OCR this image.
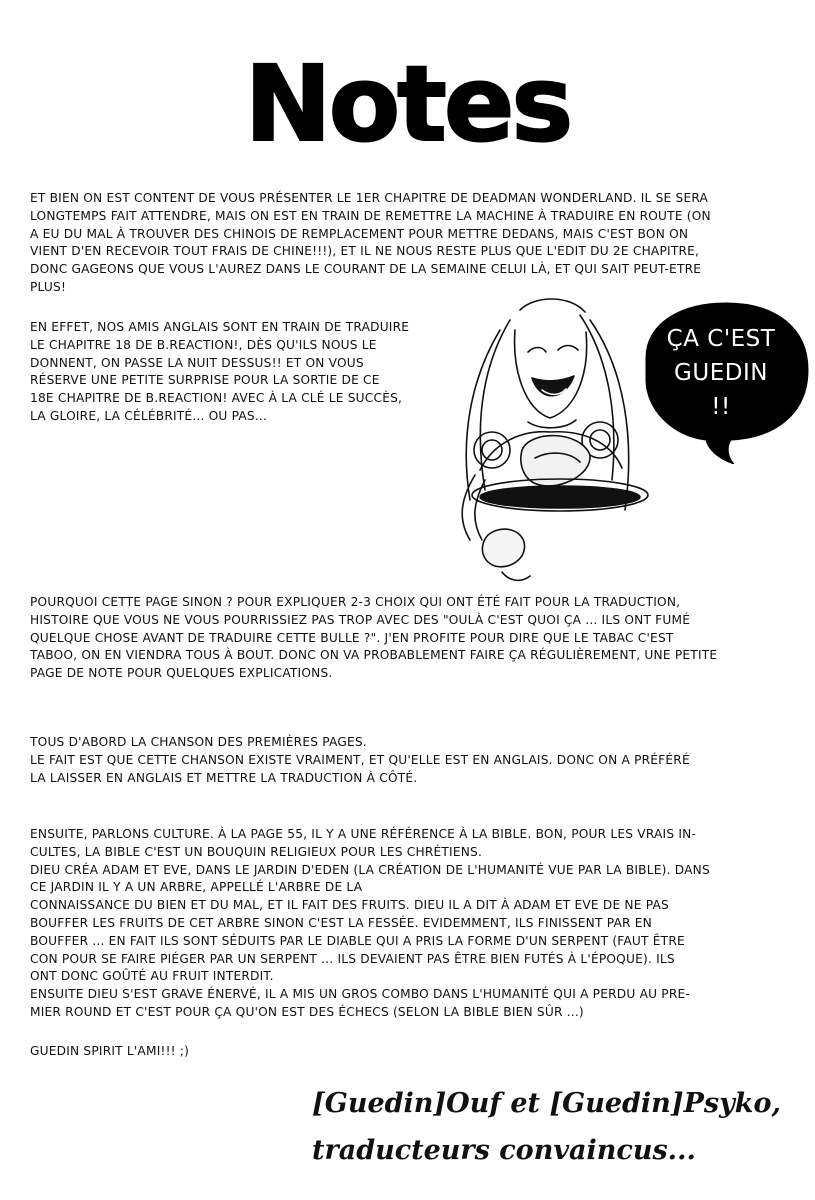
Notes
ET BIEN ON EST CONTENT DE VOUS PRÉSENTER LE 1ER CHAPITRE DE DEADMAN WONDERLAND. IL SE SERA
LONGTEMPS FAIT ATTENDRE, MAIS ON EST EN TRAIN DE REMETTRE LA MACHINE À TRADUIRE EN ROUTE (ON
A EU DU MAL À TROUVER DES CHINOIS DE REMPLACEMENT POUR METTRE DEDANS, MAIS C'EST BON ON
VIENT D'EN RECEVOIR TOUT FRAIS DE CHINE!!!), ET IL NE NOUS RESTE PLUS QUE L'EDIT DU 2E CHAPITRE,
DONC GAGEONS QUE VOUS L'AUREZ DANS LE COURANT DE LA SEMAINE CELUI LÀ, ET QUI SAIT PEUT-ETRE
PLUS!
EN EFFET, NOS AMIS ANGLAIS SONT EN TRAIN DE TRADUIRE
LE CHAPITRE 18 DE B.REACTION!, DÈS QU'ILS NOUS LE
DONNENT, ON PASSE LA NUIT DESSUS!! ET ON VOUS
RÉSERVE UNE PETITE SURPRISE POUR LA SORTIE DE CE
18E CHAPITRE DE B.REACTION! AVEC À LA CLÉ LE SUCCÈS,
LA GLOIRE, LA CÉLÉBRITÉ... OU PAS...
ÇA C'EST
GUEDIN
!!
POURQUOI CETTE PAGE SINON ? POUR EXPLIQUER 2-3 CHOIX QUI ONT ÉTÉ FAIT POUR LA TRADUCTION,
HISTOIRE QUE VOUS NE VOUS POURRISSIEZ PAS TROP AVEC DES "OULÀ C'EST QUOI ÇA ... ILS ONT FUMÉ
QUELQUE CHOSE AVANT DE TRADUIRE CETTE BULLE ?". J'EN PROFITE POUR DIRE QUE LE TABAC C'EST
TABOO, ON EN VIENDRA TOUS À BOUT. DONC ON VA PROBABLEMENT FAIRE ÇA RÉGULIÈREMENT, UNE PETITE
PAGE DE NOTE POUR QUELQUES EXPLICATIONS.
TOUS D'ABORD LA CHANSON DES PREMIÈRES PAGES.
LE FAIT EST QUE CETTE CHANSON EXISTE VRAIMENT, ET QU'ELLE EST EN ANGLAIS. DONC ON A PRÉFÉRÉ
LA LAISSER EN ANGLAIS ET METTRE LA TRADUCTION À CÔTÉ.
ENSUITE, PARLONS CULTURE. À LA PAGE 55, IL Y A UNE RÉFÉRENCE À LA BIBLE. BON, POUR LES VRAIS IN-
CULTES, LA BIBLE C'EST UN BOUQUIN RELIGIEUX POUR LES CHRÉTIENS.
DIEU CRÉA ADAM ET EVE, DANS LE JARDIN D'EDEN (LA CRÉATION DE L'HUMANITÉ VUE PAR LA BIBLE). DANS
CE JARDIN IL Y A UN ARBRE, APPELLÉ L'ARBRE DE LA
CONNAISSANCE DU BIEN ET DU MAL, ET IL FAIT DES FRUITS. DIEU IL A DIT À ADAM ET EVE DE NE PAS
BOUFFER LES FRUITS DE CET ARBRE SINON C'EST LA FESSÉE. EVIDEMMENT, ILS FINISSENT PAR EN
BOUFFER ... EN FAIT ILS SONT SÉDUITS PAR LE DIABLE QUI A PRIS LA FORME D'UN SERPENT (FAUT ÊTRE
CON POUR SE FAIRE PIÉGER PAR UN SERPENT ... ILS DEVAIENT PAS ÊTRE BIEN FUTÉS À L'ÉPOQUE). ILS
ONT DONC GOÛTÉ AU FRUIT INTERDIT.
ENSUITE DIEU S'EST GRAVE ÉNERVÉ, IL A MIS UN GROS COMBO DANS L'HUMANITÉ QUI A PERDU AU PRE-
MIER ROUND ET C'EST POUR ÇA QU'ON EST DES ÉCHECS (SELON LA BIBLE BIEN SÛR ...)
GUEDIN SPIRIT L'AMI!!! ;)
[Guedin]Ouf et [Guedin]Psyko,
traducteurs convaincus...
